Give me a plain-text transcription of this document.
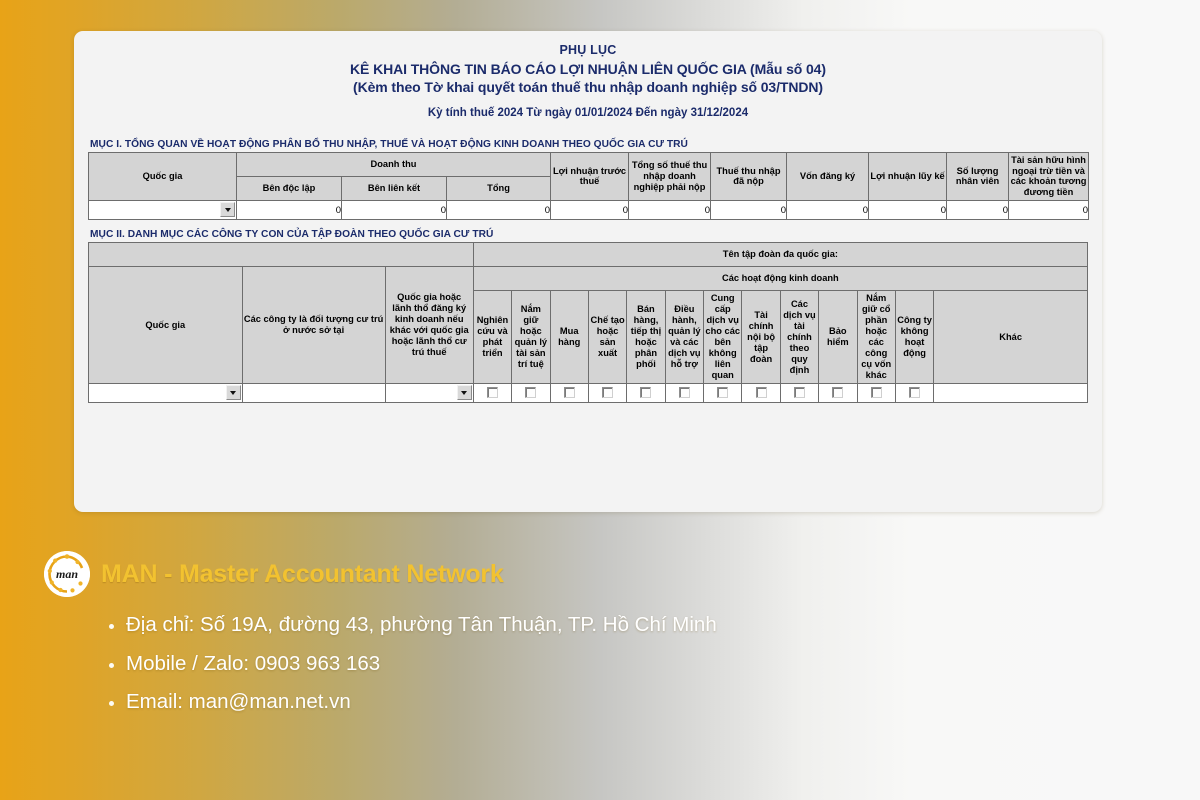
PHỤ LỤC
KÊ KHAI THÔNG TIN BÁO CÁO LỢI NHUẬN LIÊN QUỐC GIA (Mẫu số 04)
(Kèm theo Tờ khai quyết toán thuế thu nhập doanh nghiệp số 03/TNDN)
Kỳ tính thuế 2024 Từ ngày 01/01/2024 Đến ngày 31/12/2024
MỤC I. TỔNG QUAN VỀ HOẠT ĐỘNG PHÂN BỔ THU NHẬP, THUẾ VÀ HOẠT ĐỘNG KINH DOANH THEO QUỐC GIA CƯ TRÚ
Quốc gia	Doanh thu			Lợi nhuận trước thuế	Tổng số thuế thu nhập doanh nghiệp phải nộp	Thuế thu nhập đã nộp	Vốn đăng ký	Lợi nhuận lũy kế	Số lượng nhân viên	Tài sản hữu hình ngoại trừ tiền và các khoản tương đương tiền
	Bên độc lập	Bên liên kết	Tổng							

	0	0	0	0	0	0	0	0	0	0
MỤC II. DANH MỤC CÁC CÔNG TY CON CỦA TẬP ĐOÀN THEO QUỐC GIA CƯ TRÚ
			Tên tập đoàn đa quốc gia:												
Quốc gia	Các công ty là đối tượng cư trú ở nước sở tại	Quốc gia hoặc lãnh thổ đăng ký kinh doanh nếu khác với quốc gia hoặc lãnh thổ cư trú thuế	Các hoạt động kinh doanh												
			Nghiên cứu và phát triển	Nắm giữ hoặc quản lý tài sản trí tuệ	Mua hàng	Chế tạo hoặc sản xuất	Bán hàng, tiếp thị hoặc phân phối	Điều hành, quản lý và các dịch vụ hỗ trợ	Cung cấp dịch vụ cho các bên không liên quan	Tài chính nội bộ tập đoàn	Các dịch vụ tài chính theo quy định	Bảo hiểm	Nắm giữ cổ phần hoặc các công cụ vốn khác	Công ty không hoạt động	Khác

man MAN - Master Accountant Network
Địa chỉ: Số 19A, đường 43, phường Tân Thuận, TP. Hồ Chí Minh
Mobile / Zalo: 0903 963 163
Email: man@man.net.vn
